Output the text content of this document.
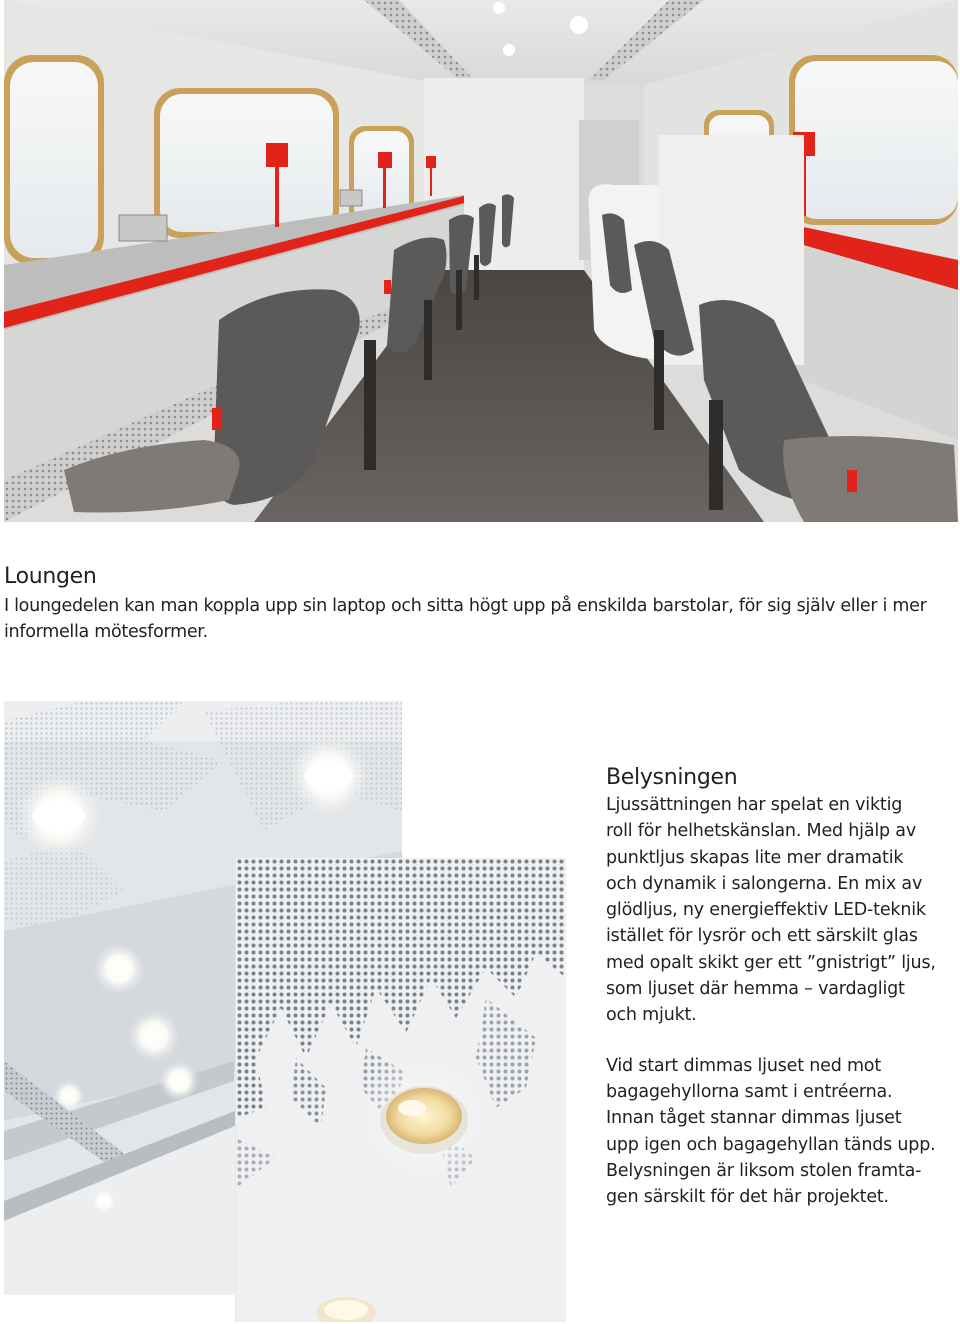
Loungen

I loungedelen kan man koppla upp sin laptop och sitta högt upp på enskilda barstolar, för sig själv eller i mer informella mötesformer.

Belysningen

Ljussättningen har spelat en viktig
roll för helhetskänslan. Med hjälp av
punktljus skapas lite mer dramatik
och dynamik i salongerna. En mix av
glödljus, ny energieffektiv LED-teknik
istället för lysrör och ett särskilt glas
med opalt skikt ger ett ”gnistrigt” ljus,
som ljuset där hemma – vardagligt
och mjukt.

Vid start dimmas ljuset ned mot
bagagehyllorna samt i entréerna.
Innan tåget stannar dimmas ljuset
upp igen och bagagehyllan tänds upp.
Belysningen är liksom stolen framta-
gen särskilt för det här projektet.
